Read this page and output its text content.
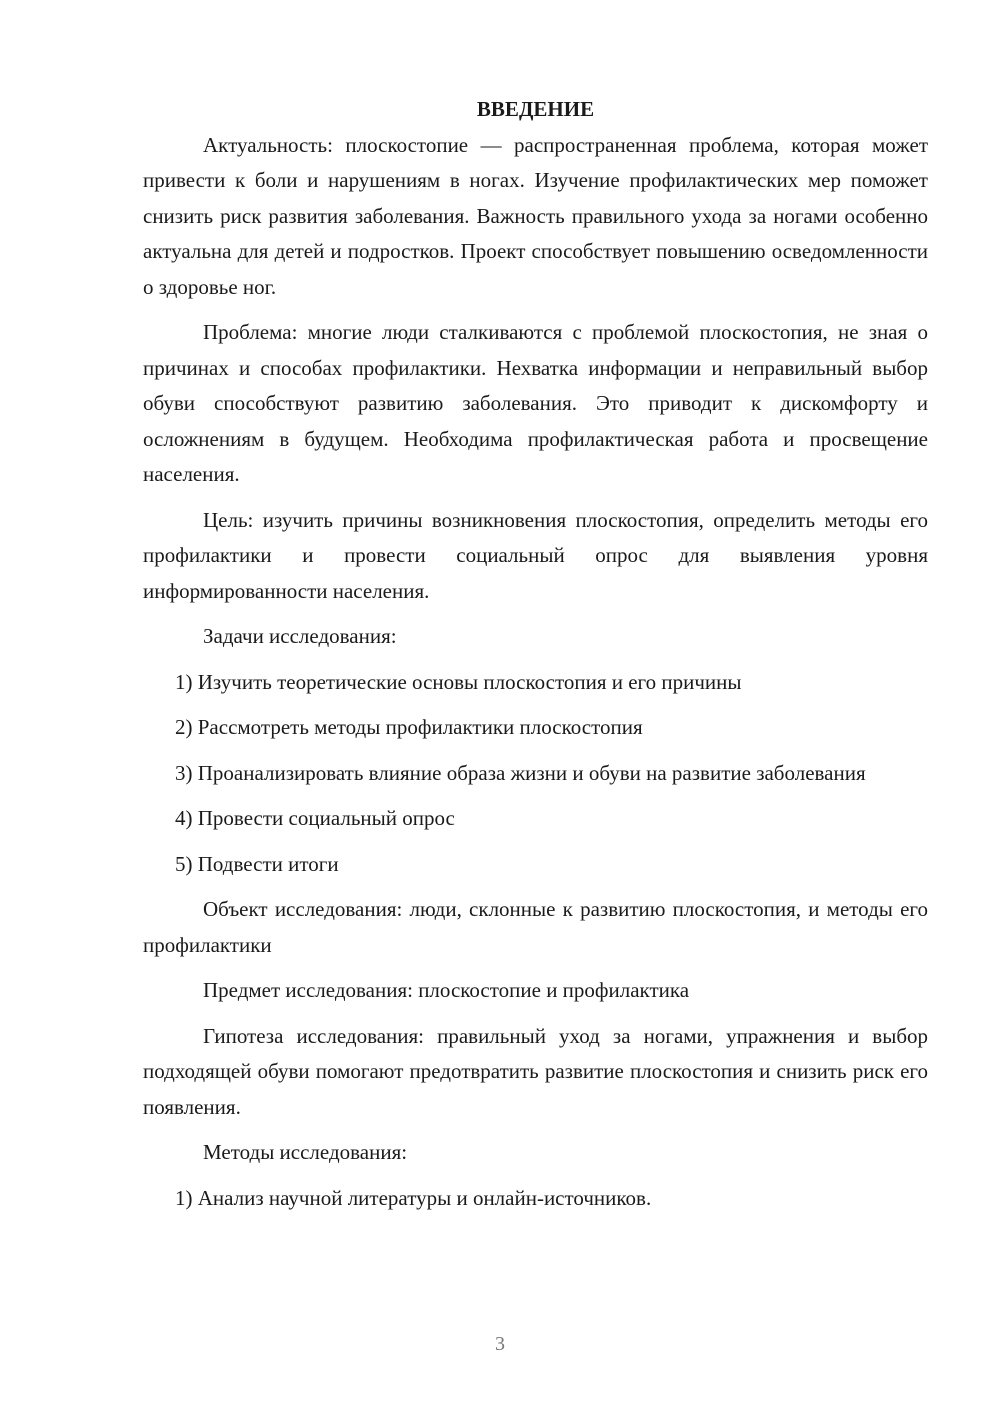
ВВЕДЕНИЕ

Актуальность: плоскостопие — распространенная проблема, которая может привести к боли и нарушениям в ногах. Изучение профилактических мер поможет снизить риск развития заболевания. Важность правильного ухода за ногами особенно актуальна для детей и подростков. Проект способствует повышению осведомленности о здоровье ног.

Проблема: многие люди сталкиваются с проблемой плоскостопия, не зная о причинах и способах профилактики. Нехватка информации и неправильный выбор обуви способствуют развитию заболевания. Это приводит к дискомфорту и осложнениям в будущем. Необходима профилактическая работа и просвещение населения.

Цель: изучить причины возникновения плоскостопия, определить методы его профилактики и провести социальный опрос для выявления уровня информированности населения.

Задачи исследования:

1) Изучить теоретические основы плоскостопия и его причины

2) Рассмотреть методы профилактики плоскостопия

3) Проанализировать влияние образа жизни и обуви на развитие заболевания

4) Провести социальный опрос

5) Подвести итоги

Объект исследования: люди, склонные к развитию плоскостопия, и методы его профилактики

Предмет исследования: плоскостопие и профилактика

Гипотеза исследования: правильный уход за ногами, упражнения и выбор подходящей обуви помогают предотвратить развитие плоскостопия и снизить риск его появления.

Методы исследования:

1) Анализ научной литературы и онлайн-источников.

3
